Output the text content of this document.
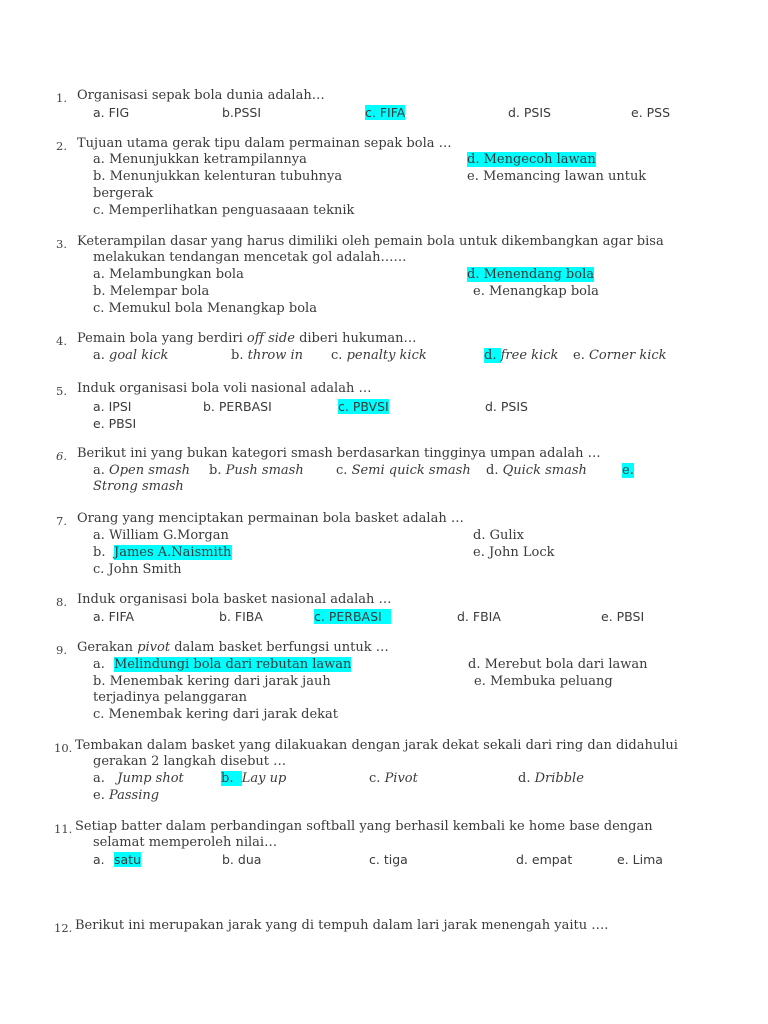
1. Organisasi sepak bola dunia adalah…
a. FIG	b.PSSI	c. FIFA	d. PSIS	e. PSS
2. Tujuan utama gerak tipu dalam permainan sepak bola …
a. Menunjukkan ketrampilannya	d. Mengecoh lawan
b. Menunjukkan kelenturan tubuhnya	e. Memancing lawan untuk
bergerak
c. Memperlihatkan penguasaaan teknik
3. Keterampilan dasar yang harus dimiliki oleh pemain bola untuk dikembangkan agar bisa
melakukan tendangan mencetak gol adalah……
a. Melambungkan bola	d. Menendang bola
b. Melempar bola	e. Menangkap bola
c. Memukul bola Menangkap bola
4. Pemain bola yang berdiri off side diberi hukuman…
a. goal kick	b. throw in c. penalty kick	d. free kick e. Corner kick
5. Induk organisasi bola voli nasional adalah …
a. IPSI	b. PERBASI	c. PBVSI	d. PSIS
e. PBSI
6. Berikut ini yang bukan kategori smash berdasarkan tingginya umpan adalah …
a. Open smash b. Push smash c. Semi quick smash d. Quick smash	e.
Strong smash
7. Orang yang menciptakan permainan bola basket adalah …
a. William G.Morgan	d. Gulix
b. James A.Naismith	e. John Lock
c. John Smith
8. Induk organisasi bola basket nasional adalah …
a. FIFA	b. FIBA	c. PERBASI	d. FBIA	e. PBSI
9. Gerakan pivot dalam basket berfungsi untuk …
a. Melindungi bola dari rebutan lawan	d. Merebut bola dari lawan
b. Menembak kering dari jarak jauh	e. Membuka peluang
terjadinya pelanggaran
c. Menembak kering dari jarak dekat
10. Tembakan dalam basket yang dilakuakan dengan jarak dekat sekali dari ring dan didahului
gerakan 2 langkah disebut …
a. Jump shot	b. Lay up	c. Pivot	d. Dribble
e. Passing
11. Setiap batter dalam perbandingan softball yang berhasil kembali ke home base dengan
selamat memperoleh nilai…
a. satu	b. dua	c. tiga	d. empat	e. Lima
12. Berikut ini merupakan jarak yang di tempuh dalam lari jarak menengah yaitu ….
